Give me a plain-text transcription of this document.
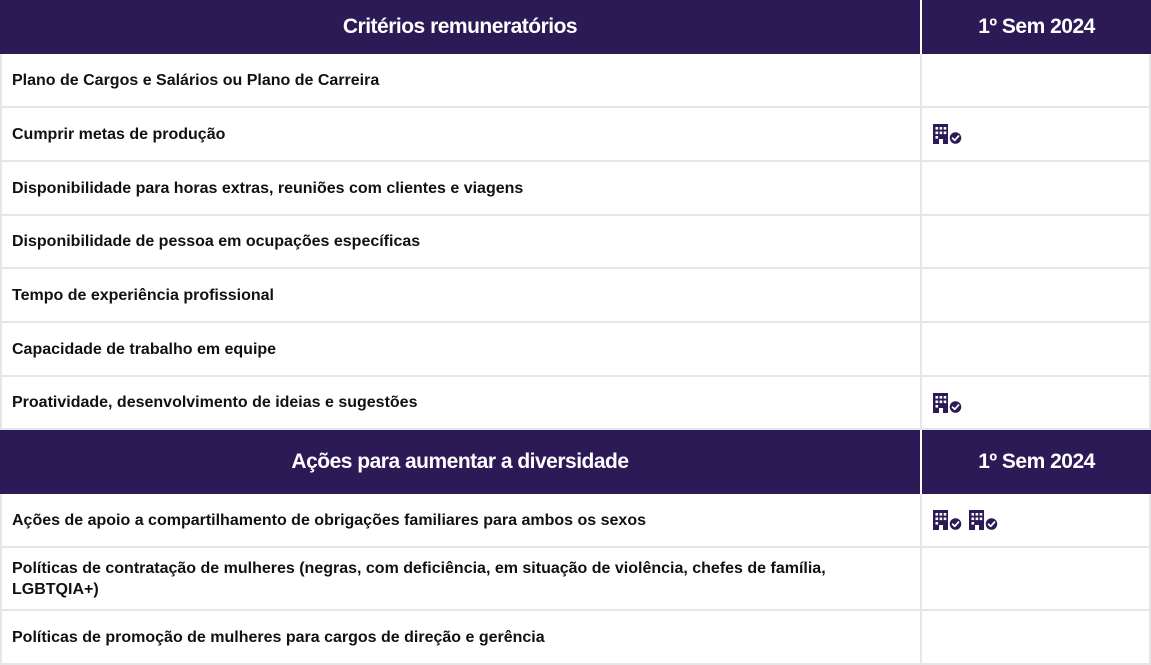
Critérios remuneratórios	1º Sem 2024
Plano de Cargos e Salários ou Plano de Carreira
Cumprir metas de produção
Disponibilidade para horas extras, reuniões com clientes e viagens
Disponibilidade de pessoa em ocupações específicas
Tempo de experiência profissional
Capacidade de trabalho em equipe
Proatividade, desenvolvimento de ideias e sugestões
Ações para aumentar a diversidade	1º Sem 2024
Ações de apoio a compartilhamento de obrigações familiares para ambos os sexos
Políticas de contratação de mulheres (negras, com deficiência, em situação de violência, chefes de família, LGBTQIA+)
Políticas de promoção de mulheres para cargos de direção e gerência
